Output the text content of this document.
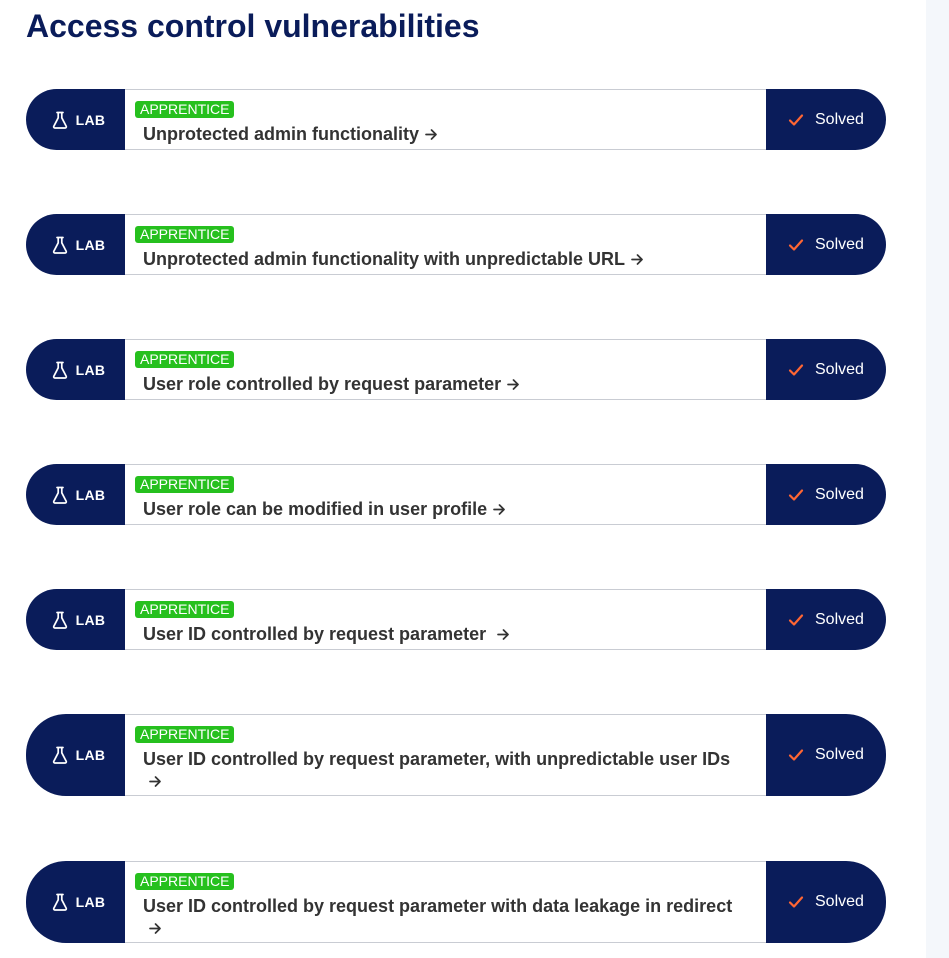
Access control vulnerabilities
LAB
APPRENTICE
Unprotected admin functionality
Solved
LAB
APPRENTICE
Unprotected admin functionality with unpredictable URL
Solved
LAB
APPRENTICE
User role controlled by request parameter
Solved
LAB
APPRENTICE
User role can be modified in user profile
Solved
LAB
APPRENTICE
User ID controlled by request parameter
Solved
LAB
APPRENTICE
User ID controlled by request parameter, with unpredictable user IDs	Solved
LAB
APPRENTICE
User ID controlled by request parameter with data leakage in redirect	Solved
